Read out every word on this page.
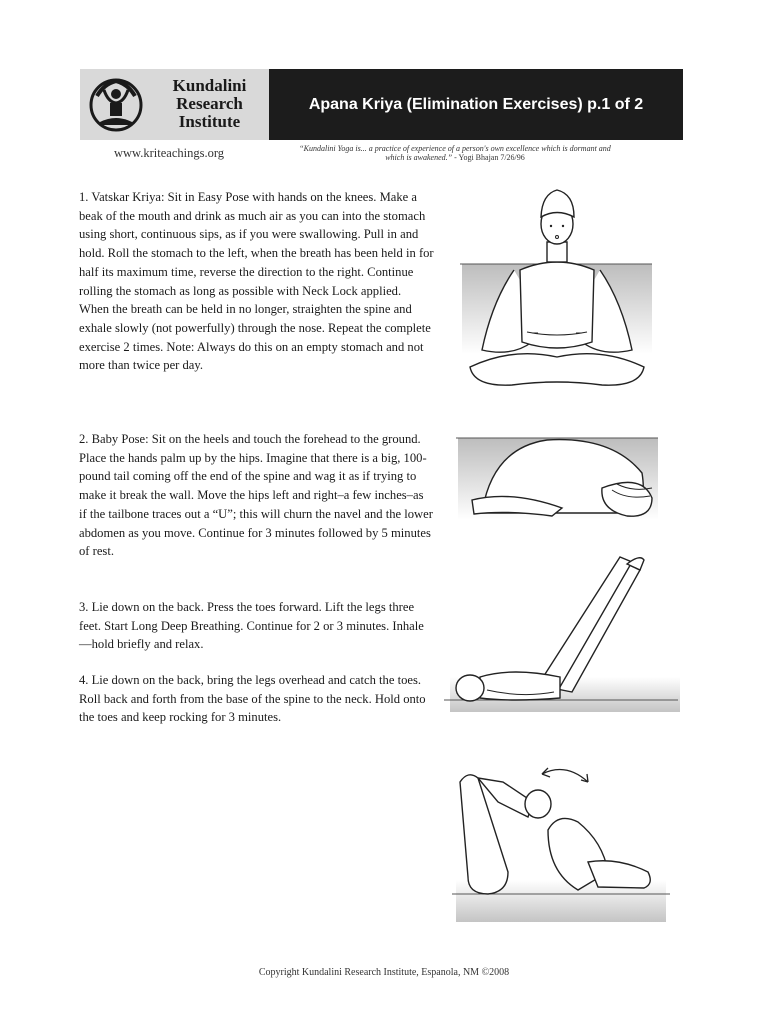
Kundalini
Research
Institute
Apana Kriya (Elimination Exercises) p.1 of 2
www.kriteachings.org	“Kundalini Yoga is... a practice of experience of a person's own excellence which is dormant and which is awakened.” - Yogi Bhajan 7/26/96
1. Vatskar Kriya: Sit in Easy Pose with hands on the knees. Make a beak of the mouth and drink as much air as you can into the stomach using short, continuous sips, as if you were swallowing. Pull in and hold. Roll the stomach to the left, when the breath has been held in for half its maximum time, reverse the direction to the right. Continue rolling the stomach as long as possible with Neck Lock applied. When the breath can be held in no longer, straighten the spine and exhale slowly (not powerfully) through the nose. Repeat the complete exercise 2 times. Note: Always do this on an empty stomach and not more than twice per day.
2. Baby Pose: Sit on the heels and touch the forehead to the ground. Place the hands palm up by the hips. Imagine that there is a big, 100-pound tail coming off the end of the spine and wag it as if trying to make it break the wall. Move the hips left and right–a few inches–as if the tailbone traces out a “U”; this will churn the navel and the lower abdomen as you move. Continue for 3 minutes followed by 5 minutes of rest.
3. Lie down on the back. Press the toes forward. Lift the legs three feet. Start Long Deep Breathing. Continue for 2 or 3 minutes. Inhale—hold briefly and relax.
4. Lie down on the back, bring the legs overhead and catch the toes. Roll back and forth from the base of the spine to the neck. Hold onto the toes and keep rocking for 3 minutes.
Copyright Kundalini Research Institute, Espanola, NM ©2008
